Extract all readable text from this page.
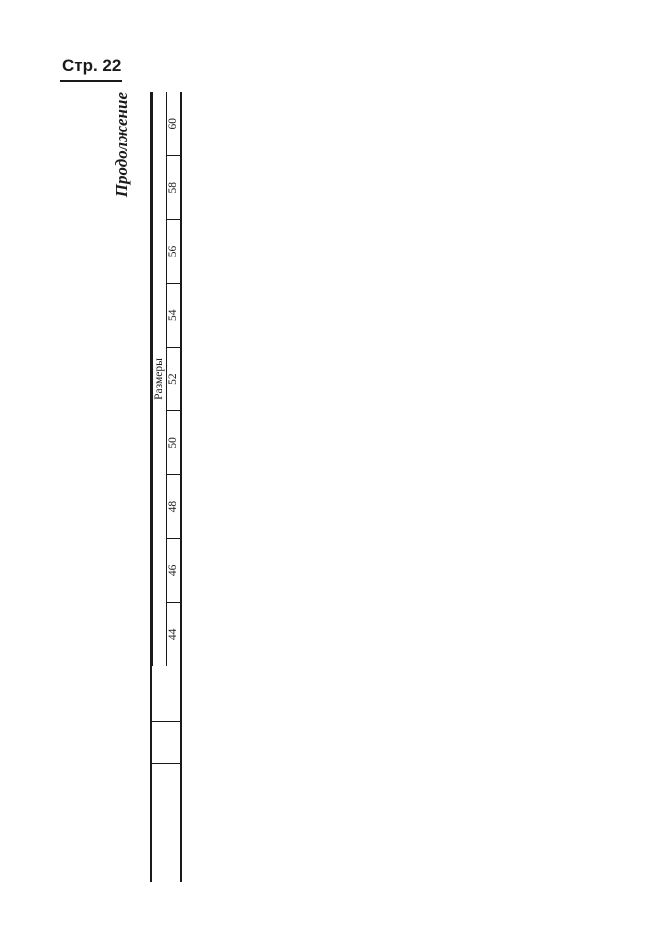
Стр. 22
Продолжение

			Размеры								
			44	46	48	50	52	54	56	58	60
